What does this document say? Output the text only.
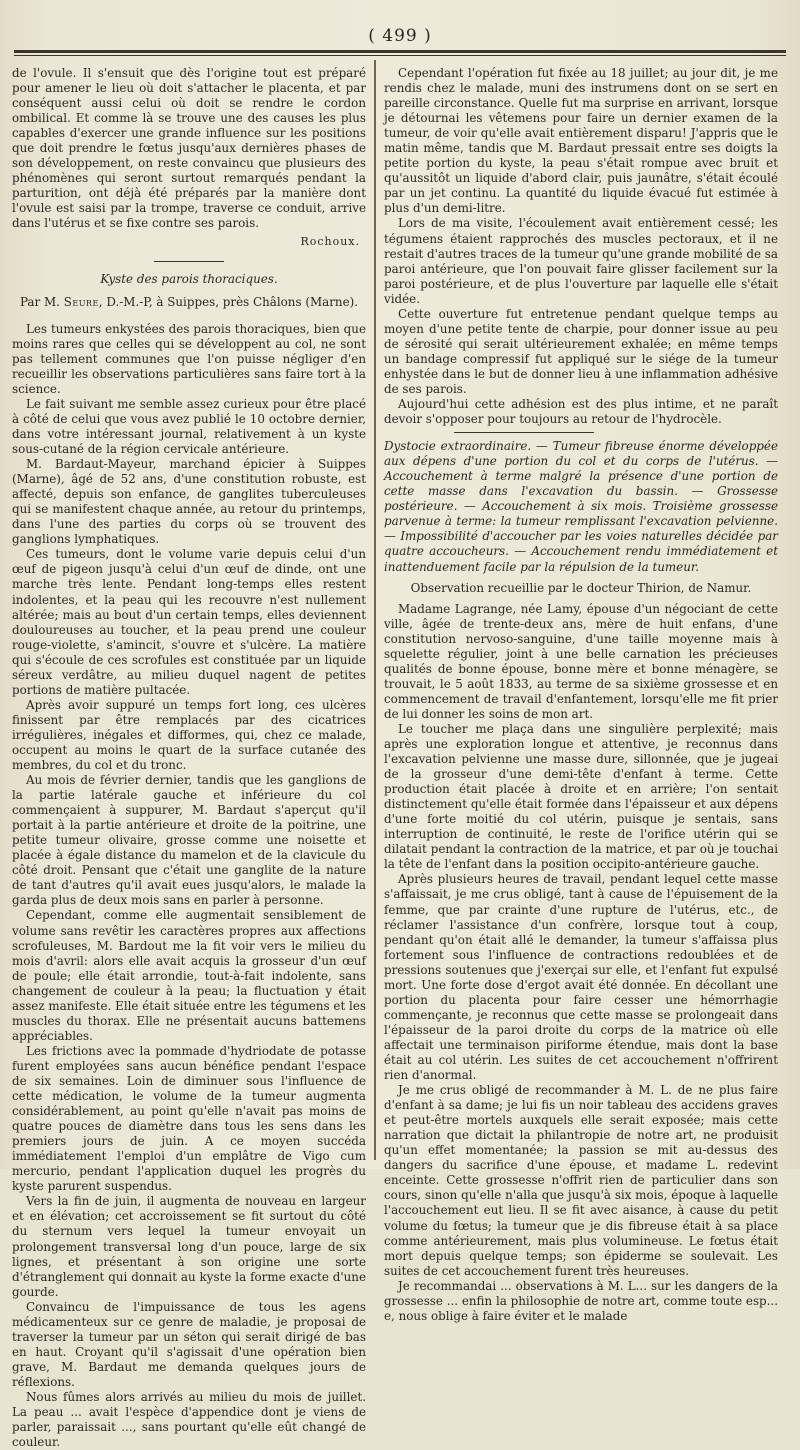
( 499 )

de l'ovule. Il s'ensuit que dès l'origine tout est préparé pour amener le lieu où doit s'attacher le placenta, et par conséquent aussi celui où doit se rendre le cordon ombilical. Et comme là se trouve une des causes les plus capables d'exercer une grande influence sur les positions que doit prendre le fœtus jusqu'aux dernières phases de son développement, on reste convaincu que plusieurs des phénomènes qui seront surtout remarqués pendant la parturition, ont déjà été préparés par la manière dont l'ovule est saisi par la trompe, traverse ce conduit, arrive dans l'utérus et se fixe contre ses parois.

Rochoux.
Kyste des parois thoraciques.
Par M. Seure, D.-M.-P, à Suippes, près Châlons (Marne).

Les tumeurs enkystées des parois thoraciques, bien que moins rares que celles qui se développent au col, ne sont pas tellement communes que l'on puisse négliger d'en recueillir les observations particulières sans faire tort à la science.

Le fait suivant me semble assez curieux pour être placé à côté de celui que vous avez publié le 10 octobre dernier, dans votre intéressant journal, relativement à un kyste sous-cutané de la région cervicale antérieure.

M. Bardaut-Mayeur, marchand épicier à Suippes (Marne), âgé de 52 ans, d'une constitution robuste, est affecté, depuis son enfance, de ganglites tuberculeuses qui se manifestent chaque année, au retour du printemps, dans l'une des parties du corps où se trouvent des ganglions lymphatiques.

Ces tumeurs, dont le volume varie depuis celui d'un œuf de pigeon jusqu'à celui d'un œuf de dinde, ont une marche très lente. Pendant long-temps elles restent indolentes, et la peau qui les recouvre n'est nullement altérée; mais au bout d'un certain temps, elles deviennent douloureuses au toucher, et la peau prend une couleur rouge-violette, s'amincit, s'ouvre et s'ulcère. La matière qui s'écoule de ces scrofules est constituée par un liquide séreux verdâtre, au milieu duquel nagent de petites portions de matière pultacée.

Après avoir suppuré un temps fort long, ces ulcères finissent par être remplacés par des cicatrices irrégulières, inégales et difformes, qui, chez ce malade, occupent au moins le quart de la surface cutanée des membres, du col et du tronc.

Au mois de février dernier, tandis que les ganglions de la partie latérale gauche et inférieure du col commençaient à suppurer, M. Bardaut s'aperçut qu'il portait à la partie antérieure et droite de la poitrine, une petite tumeur olivaire, grosse comme une noisette et placée à égale distance du mamelon et de la clavicule du côté droit. Pensant que c'était une ganglite de la nature de tant d'autres qu'il avait eues jusqu'alors, le malade la garda plus de deux mois sans en parler à personne.

Cependant, comme elle augmentait sensiblement de volume sans revêtir les caractères propres aux affections scrofuleuses, M. Bardout me la fit voir vers le milieu du mois d'avril: alors elle avait acquis la grosseur d'un œuf de poule; elle était arrondie, tout-à-fait indolente, sans changement de couleur à la peau; la fluctuation y était assez manifeste. Elle était située entre les tégumens et les muscles du thorax. Elle ne présentait aucuns battemens appréciables.

Les frictions avec la pommade d'hydriodate de potasse furent employées sans aucun bénéfice pendant l'espace de six semaines. Loin de diminuer sous l'influence de cette médication, le volume de la tumeur augmenta considérablement, au point qu'elle n'avait pas moins de quatre pouces de diamètre dans tous les sens dans les premiers jours de juin. A ce moyen succéda immédiatement l'emploi d'un emplâtre de Vigo cum mercurio, pendant l'application duquel les progrès du kyste parurent suspendus.

Vers la fin de juin, il augmenta de nouveau en largeur et en élévation; cet accroissement se fit surtout du côté du sternum vers lequel la tumeur envoyait un prolongement transversal long d'un pouce, large de six lignes, et présentant à son origine une sorte d'étranglement qui donnait au kyste la forme exacte d'une gourde.

Convaincu de l'impuissance de tous les agens médicamenteux sur ce genre de maladie, je proposai de traverser la tumeur par un séton qui serait dirigé de bas en haut. Croyant qu'il s'agissait d'une opération bien grave, M. Bardaut me demanda quelques jours de réflexions.

Nous fûmes alors arrivés au milieu du mois de juillet. La peau ... avait l'espèce d'appendice dont je viens de parler, paraissait ..., sans pourtant qu'elle eût changé de couleur.

Cependant l'opération fut fixée au 18 juillet; au jour dit, je me rendis chez le malade, muni des instrumens dont on se sert en pareille circonstance. Quelle fut ma surprise en arrivant, lorsque je détournai les vêtemens pour faire un dernier examen de la tumeur, de voir qu'elle avait entièrement disparu! J'appris que le matin même, tandis que M. Bardaut pressait entre ses doigts la petite portion du kyste, la peau s'était rompue avec bruit et qu'aussitôt un liquide d'abord clair, puis jaunâtre, s'était écoulé par un jet continu. La quantité du liquide évacué fut estimée à plus d'un demi-litre.

Lors de ma visite, l'écoulement avait entièrement cessé; les tégumens étaient rapprochés des muscles pectoraux, et il ne restait d'autres traces de la tumeur qu'une grande mobilité de sa paroi antérieure, que l'on pouvait faire glisser facilement sur la paroi postérieure, et de plus l'ouverture par laquelle elle s'était vidée.

Cette ouverture fut entretenue pendant quelque temps au moyen d'une petite tente de charpie, pour donner issue au peu de sérosité qui serait ultérieurement exhalée; en même temps un bandage compressif fut appliqué sur le siége de la tumeur enhystée dans le but de donner lieu à une inflammation adhésive de ses parois.

Aujourd'hui cette adhésion est des plus intime, et ne paraît devoir s'opposer pour toujours au retour de l'hydrocèle.

Dystocie extraordinaire. — Tumeur fibreuse énorme développée aux dépens d'une portion du col et du corps de l'utérus. — Accouchement à terme malgré la présence d'une portion de cette masse dans l'excavation du bassin. — Grossesse postérieure. — Accouchement à six mois. Troisième grossesse parvenue à terme: la tumeur remplissant l'excavation pelvienne. — Impossibilité d'accoucher par les voies naturelles décidée par quatre accoucheurs. — Accouchement rendu immédiatement et inattenduement facile par la répulsion de la tumeur.

Observation recueillie par le docteur Thirion, de Namur.

Madame Lagrange, née Lamy, épouse d'un négociant de cette ville, âgée de trente-deux ans, mère de huit enfans, d'une constitution nervoso-sanguine, d'une taille moyenne mais à squelette régulier, joint à une belle carnation les précieuses qualités de bonne épouse, bonne mère et bonne ménagère, se trouvait, le 5 août 1833, au terme de sa sixième grossesse et en commencement de travail d'enfantement, lorsqu'elle me fit prier de lui donner les soins de mon art.

Le toucher me plaça dans une singulière perplexité; mais après une exploration longue et attentive, je reconnus dans l'excavation pelvienne une masse dure, sillonnée, que je jugeai de la grosseur d'une demi-tête d'enfant à terme. Cette production était placée à droite et en arrière; l'on sentait distinctement qu'elle était formée dans l'épaisseur et aux dépens d'une forte moitié du col utérin, puisque je sentais, sans interruption de continuité, le reste de l'orifice utérin qui se dilatait pendant la contraction de la matrice, et par où je touchai la tête de l'enfant dans la position occipito-antérieure gauche.

Après plusieurs heures de travail, pendant lequel cette masse s'affaissait, je me crus obligé, tant à cause de l'épuisement de la femme, que par crainte d'une rupture de l'utérus, etc., de réclamer l'assistance d'un confrère, lorsque tout à coup, pendant qu'on était allé le demander, la tumeur s'affaissa plus fortement sous l'influence de contractions redoublées et de pressions soutenues que j'exerçai sur elle, et l'enfant fut expulsé mort. Une forte dose d'ergot avait été donnée. En décollant une portion du placenta pour faire cesser une hémorrhagie commençante, je reconnus que cette masse se prolongeait dans l'épaisseur de la paroi droite du corps de la matrice où elle affectait une terminaison piriforme étendue, mais dont la base était au col utérin. Les suites de cet accouchement n'offrirent rien d'anormal.

Je me crus obligé de recommander à M. L. de ne plus faire d'enfant à sa dame; je lui fis un noir tableau des accidens graves et peut-être mortels auxquels elle serait exposée; mais cette narration que dictait la philantropie de notre art, ne produisit qu'un effet momentanée; la passion se mit au-dessus des dangers du sacrifice d'une épouse, et madame L. redevint enceinte. Cette grossesse n'offrit rien de particulier dans son cours, sinon qu'elle n'alla que jusqu'à six mois, époque à laquelle l'accouchement eut lieu. Il se fit avec aisance, à cause du petit volume du fœtus; la tumeur que je dis fibreuse était à sa place comme antérieurement, mais plus volumineuse. Le fœtus était mort depuis quelque temps; son épiderme se soulevait. Les suites de cet accouchement furent très heureuses.

Je recommandai ... observations à M. L... sur les dangers de la grossesse ... enfin la philosophie de notre art, comme toute esp... e, nous oblige à faire éviter et le malade
